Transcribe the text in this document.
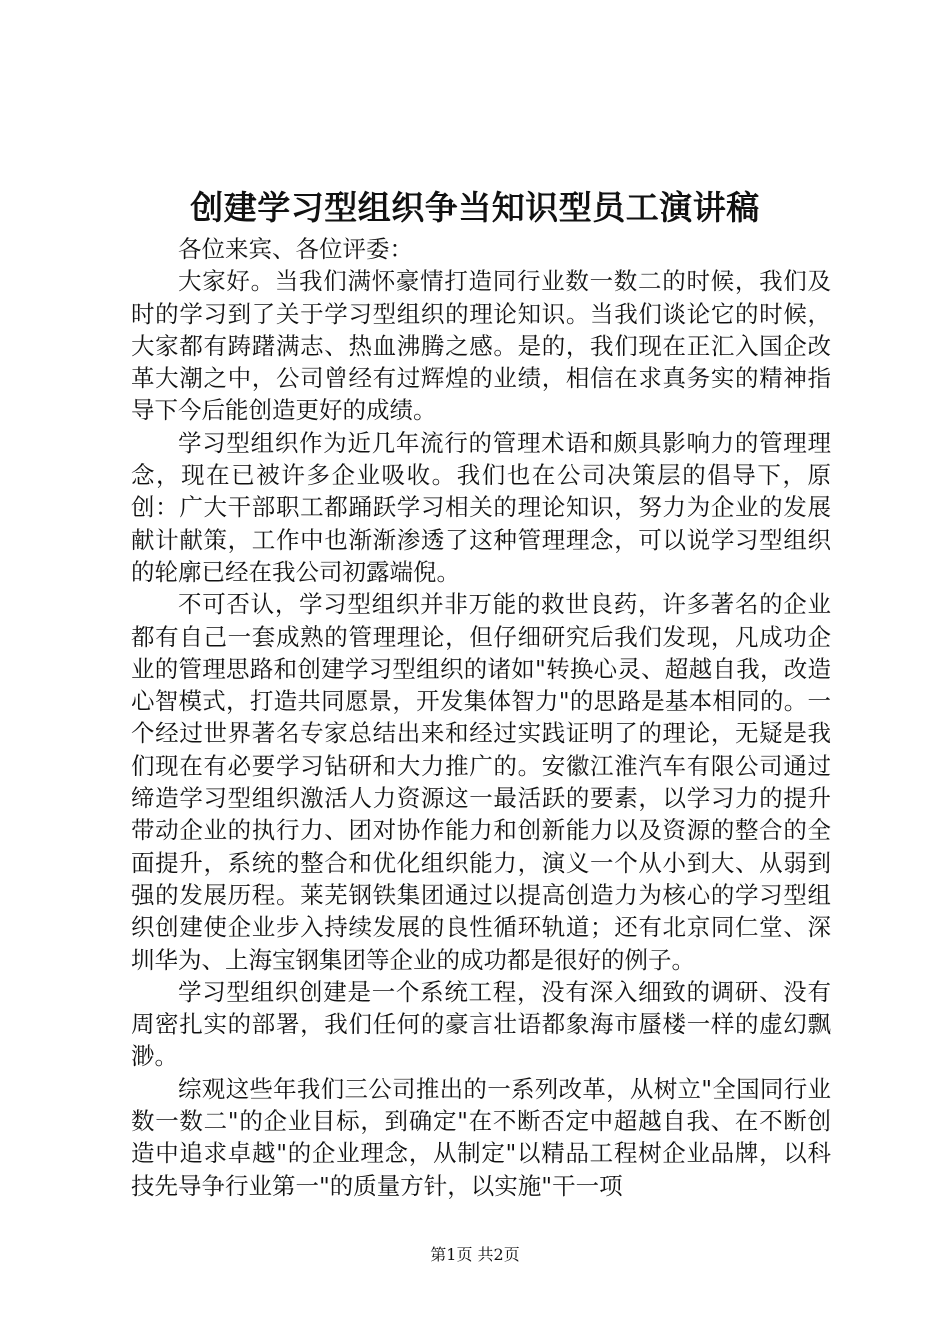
创建学习型组织争当知识型员工演讲稿

各位来宾、各位评委：

大家好。当我们满怀豪情打造同行业数一数二的时候，我们及时的学习到了关于学习型组织的理论知识。当我们谈论它的时候，大家都有踌躇满志、热血沸腾之感。是的，我们现在正汇入国企改革大潮之中，公司曾经有过辉煌的业绩，相信在求真务实的精神指导下今后能创造更好的成绩。

学习型组织作为近几年流行的管理术语和颇具影响力的管理理念，现在已被许多企业吸收。我们也在公司决策层的倡导下，原创：广大干部职工都踊跃学习相关的理论知识，努力为企业的发展献计献策，工作中也渐渐渗透了这种管理理念，可以说学习型组织的轮廓已经在我公司初露端倪。

不可否认，学习型组织并非万能的救世良药，许多著名的企业都有自己一套成熟的管理理论，但仔细研究后我们发现，凡成功企业的管理思路和创建学习型组织的诸如"转换心灵、超越自我，改造心智模式，打造共同愿景，开发集体智力"的思路是基本相同的。一个经过世界著名专家总结出来和经过实践证明了的理论，无疑是我们现在有必要学习钻研和大力推广的。安徽江淮汽车有限公司通过缔造学习型组织激活人力资源这一最活跃的要素，以学习力的提升带动企业的执行力、团对协作能力和创新能力以及资源的整合的全面提升，系统的整合和优化组织能力，演义一个从小到大、从弱到强的发展历程。莱芜钢铁集团通过以提高创造力为核心的学习型组织创建使企业步入持续发展的良性循环轨道；还有北京同仁堂、深圳华为、上海宝钢集团等企业的成功都是很好的例子。

学习型组织创建是一个系统工程，没有深入细致的调研、没有周密扎实的部署，我们任何的豪言壮语都象海市蜃楼一样的虚幻飘渺。

综观这些年我们三公司推出的一系列改革，从树立"全国同行业数一数二"的企业目标，到确定"在不断否定中超越自我、在不断创造中追求卓越"的企业理念，从制定"以精品工程树企业品牌，以科技先导争行业第一"的质量方针，以实施"干一项

第1页 共2页
